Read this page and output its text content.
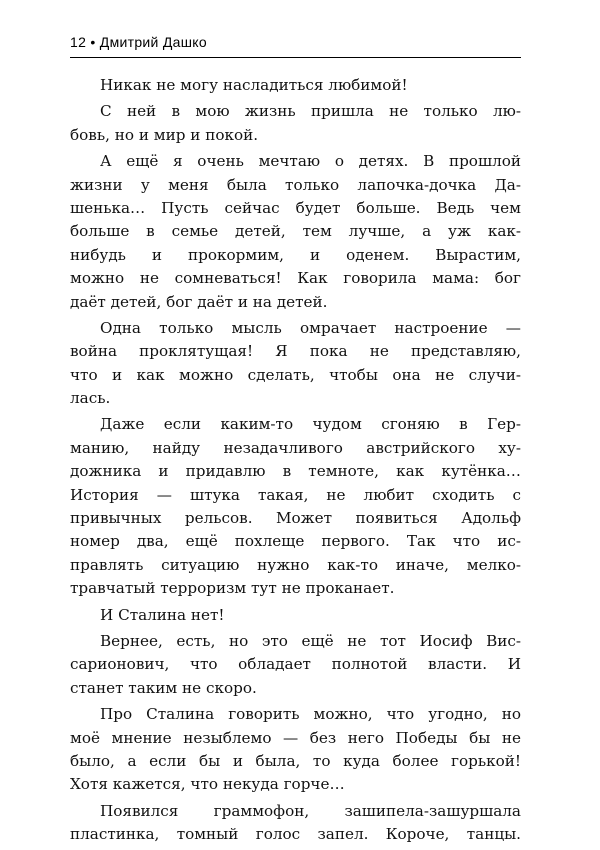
12 • Дмитрий Дашко
Никак не могу насладиться любимой!
С ней в мою жизнь пришла не только лю-
бовь, но и мир и покой.
А ещё я очень мечтаю о детях. В прошлой
жизни у меня была только лапочка-дочка Да-
шенька… Пусть сейчас будет больше. Ведь чем
больше в семье детей, тем лучше, а уж как-
нибудь и прокормим, и оденем. Вырастим,
можно не сомневаться! Как говорила мама: бог
даёт детей, бог даёт и на детей.
Одна только мысль омрачает настроение —
война проклятущая! Я пока не представляю,
что и как можно сделать, чтобы она не случи-
лась.
Даже если каким-то чудом сгоняю в Гер-
манию, найду незадачливого австрийского ху-
дожника и придавлю в темноте, как кутёнка…
История — штука такая, не любит сходить с
привычных рельсов. Может появиться Адольф
номер два, ещё похлеще первого. Так что ис-
правлять ситуацию нужно как-то иначе, мелко-
травчатый терроризм тут не проканает.
И Сталина нет!
Вернее, есть, но это ещё не тот Иосиф Вис-
сарионович, что обладает полнотой власти. И
станет таким не скоро.
Про Сталина говорить можно, что угодно, но
моё мнение незыблемо — без него Победы бы не
было, а если бы и была, то куда более горькой!
Хотя кажется, что некуда горче…
Появился граммофон, зашипела-зашуршала
пластинка, томный голос запел. Короче, танцы.
